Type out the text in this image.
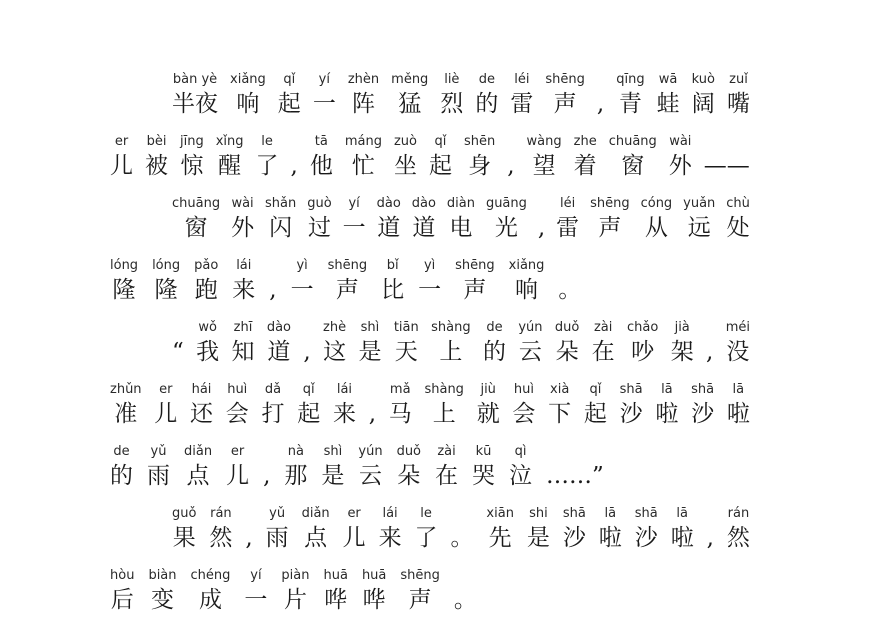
bàn yè
半夜
xiǎng
响
qǐ
起
yí
一
zhèn
阵
měng
猛
liè
烈
de
的
léi
雷
shēng
声 ,
qīng
青
wā
蛙
kuò
阔
zuǐ
嘴
er
儿
bèi
被
jīng
惊
xǐng
醒
le
了 ,
tā
他
máng
忙
zuò
坐
qǐ
起
shēn
身 ,
wàng
望
zhe
着
chuāng
窗
wài
外 ——
chuāng
窗
wài
外
shǎn
闪
guò
过
yí
一
dào
道
dào
道
diàn
电
guāng
光 ,
léi
雷
shēng
声
cóng
从
yuǎn
远
chù
处
lóng
隆
lóng
隆
pǎo
跑
lái
来 ,
yì
一
shēng
声
bǐ
比
yì
一
shēng
声
xiǎng
响 。
“
wǒ
我
zhī
知
dào
道 ,
zhè
这
shì
是
tiān
天
shàng
上
de
的
yún
云
duǒ
朵
zài
在
chǎo
吵
jià
架 ,
méi
没
zhǔn
准
er
儿
hái
还
huì
会
dǎ
打
qǐ
起
lái
来 ,
mǎ
马
shàng
上
jiù
就
huì
会
xià
下
qǐ
起
shā
沙
lā
啦
shā
沙
lā
啦
de
的
yǔ
雨
diǎn
点
er
儿 ,
nà
那
shì
是
yún
云
duǒ
朵
zài
在
kū
哭
qì
泣 ……”
guǒ
果
rán
然 ,
yǔ
雨
diǎn
点
er
儿
lái
来
le
了 。
xiān
先
shi
是
shā
沙
lā
啦
shā
沙
lā
啦 ,
rán
然
hòu
后
biàn
变
chéng
成
yí
一
piàn
片
huā
哗
huā
哗
shēng
声 。
